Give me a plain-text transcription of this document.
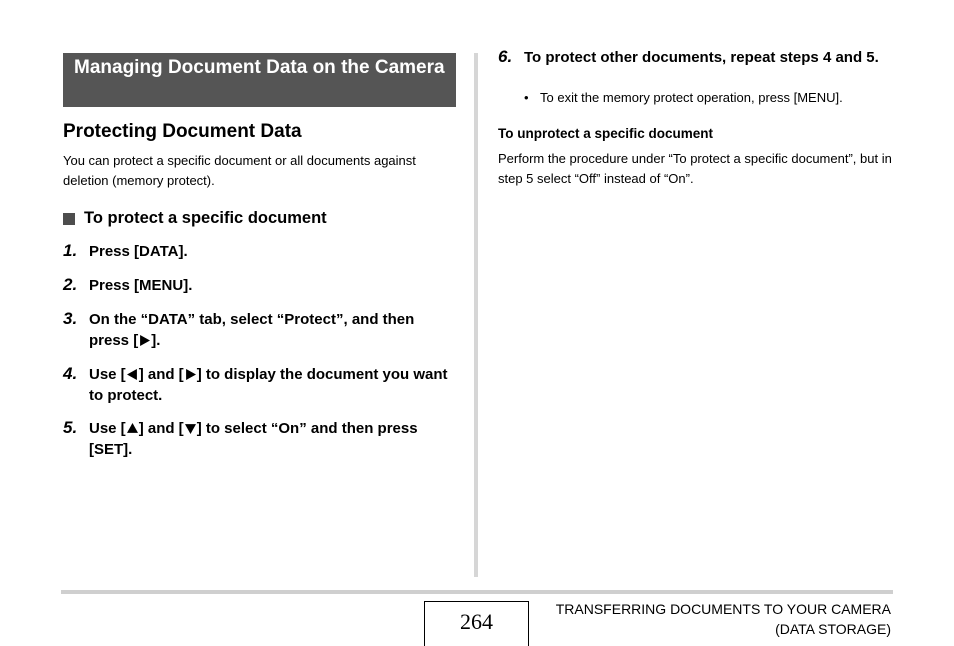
Managing Document Data on the Camera
Protecting Document Data
You can protect a specific document or all documents against deletion (memory protect).
To protect a specific document
1. Press [DATA].
2. Press [MENU].
3. On the “DATA” tab, select “Protect”, and then press [ ].
4. Use [ ] and [ ] to display the document you want to protect.
5. Use [ ] and [ ] to select “On” and then press [SET].
6. To protect other documents, repeat steps 4 and 5.
• To exit the memory protect operation, press [MENU].
To unprotect a specific document
Perform the procedure under “To protect a specific document”, but in step 5 select “Off” instead of “On”.
264	TRANSFERRING DOCUMENTS TO YOUR CAMERA
(DATA STORAGE)
